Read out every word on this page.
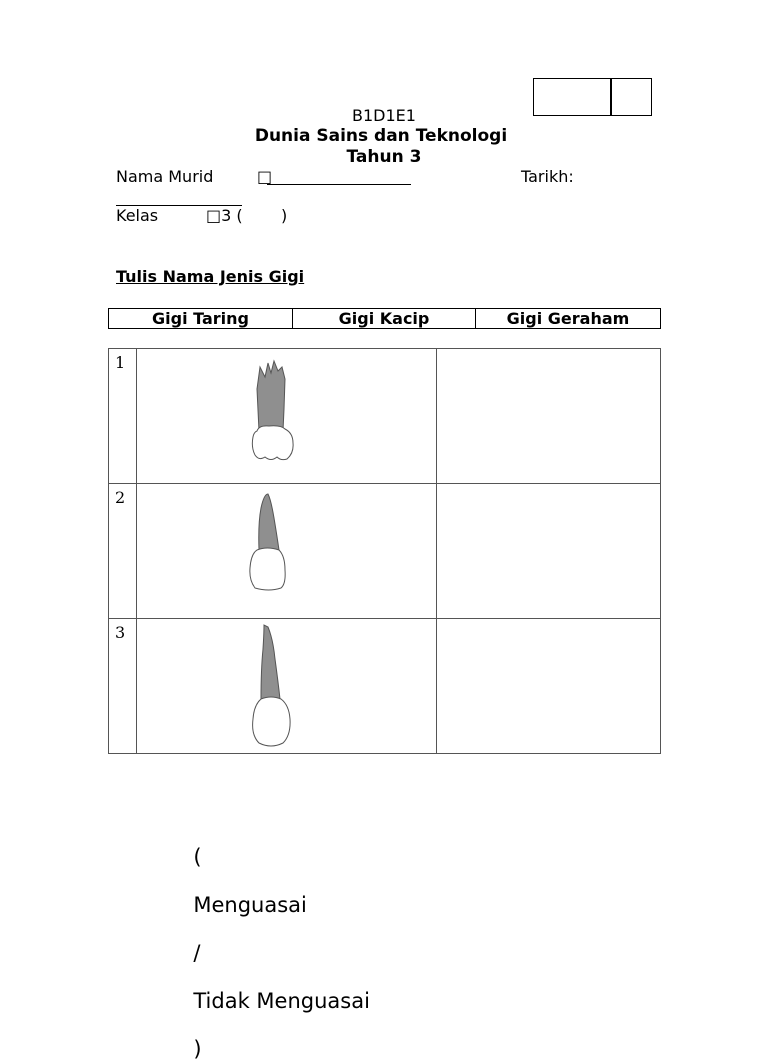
B1D1E1
Dunia Sains dan Teknologi
Tahun 3
Nama Murid	□	Tarikh:
Kelas	□3 ( )
Tulis Nama Jenis Gigi
Gigi Taring	Gigi Kacip	Gigi Geraham
1	

2	

3	

(

Menguasai

/

Tidak Menguasai

)
